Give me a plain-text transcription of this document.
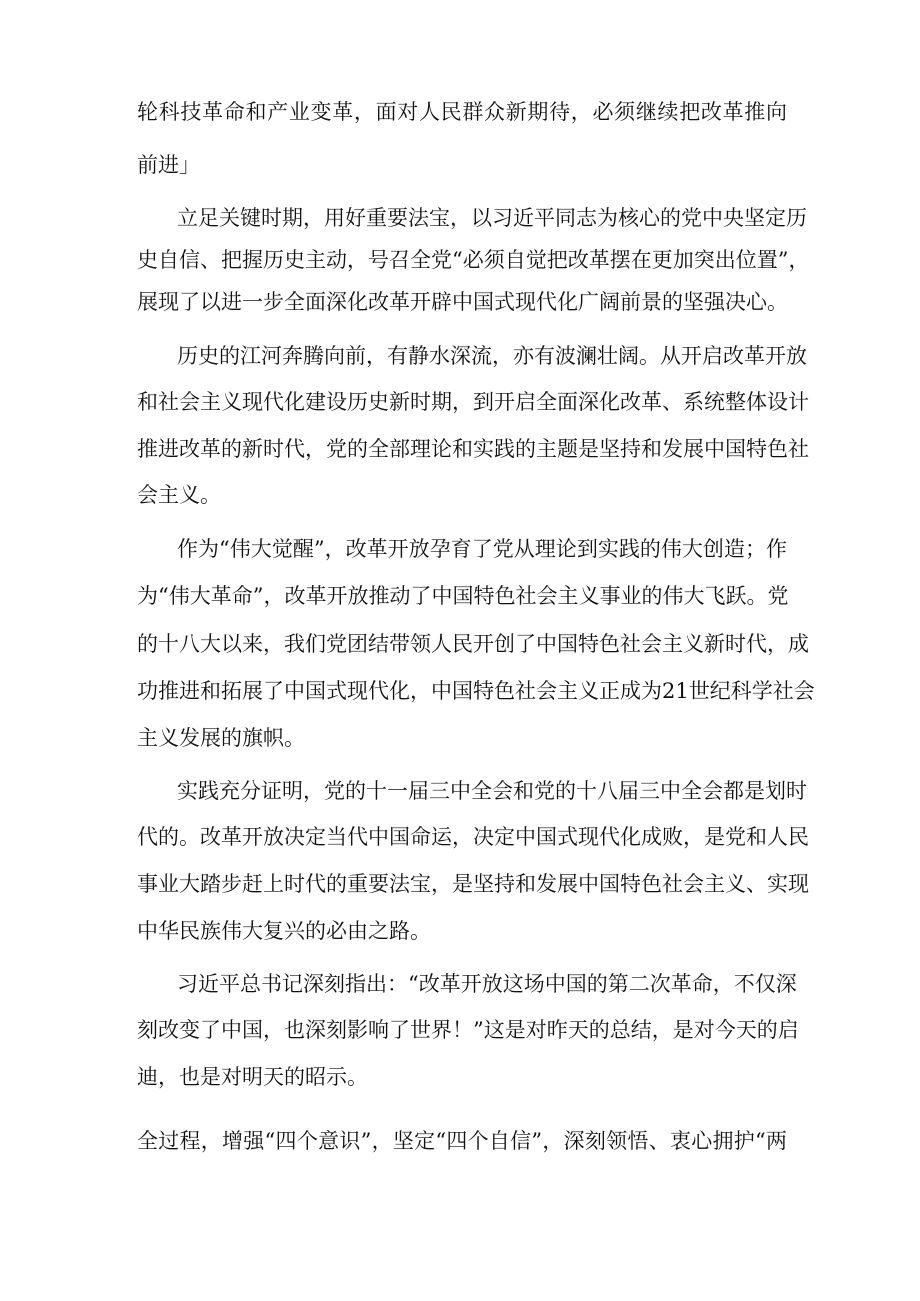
轮科技革命和产业变革，面对人民群众新期待，必须继续把改革推向
前进」
立足关键时期，用好重要法宝，以习近平同志为核心的党中央坚定历
史自信、把握历史主动，号召全党“必须自觉把改革摆在更加突出位置”，
展现了以进一步全面深化改革开辟中国式现代化广阔前景的坚强决心。
历史的江河奔腾向前，有静水深流，亦有波澜壮阔。从开启改革开放
和社会主义现代化建设历史新时期，到开启全面深化改革、系统整体设计
推进改革的新时代，党的全部理论和实践的主题是坚持和发展中国特色社
会主义。
作为“伟大觉醒”，改革开放孕育了党从理论到实践的伟大创造；作
为“伟大革命”，改革开放推动了中国特色社会主义事业的伟大飞跃。党
的十八大以来，我们党团结带领人民开创了中国特色社会主义新时代，成
功推进和拓展了中国式现代化，中国特色社会主义正成为21世纪科学社会
主义发展的旗帜。
实践充分证明，党的十一届三中全会和党的十八届三中全会都是划时
代的。改革开放决定当代中国命运，决定中国式现代化成败，是党和人民
事业大踏步赶上时代的重要法宝，是坚持和发展中国特色社会主义、实现
中华民族伟大复兴的必由之路。
习近平总书记深刻指出：“改革开放这场中国的第二次革命，不仅深
刻改变了中国，也深刻影响了世界！”这是对昨天的总结，是对今天的启
迪，也是对明天的昭示。
全过程，增强“四个意识”，坚定“四个自信”，深刻领悟、衷心拥护“两
